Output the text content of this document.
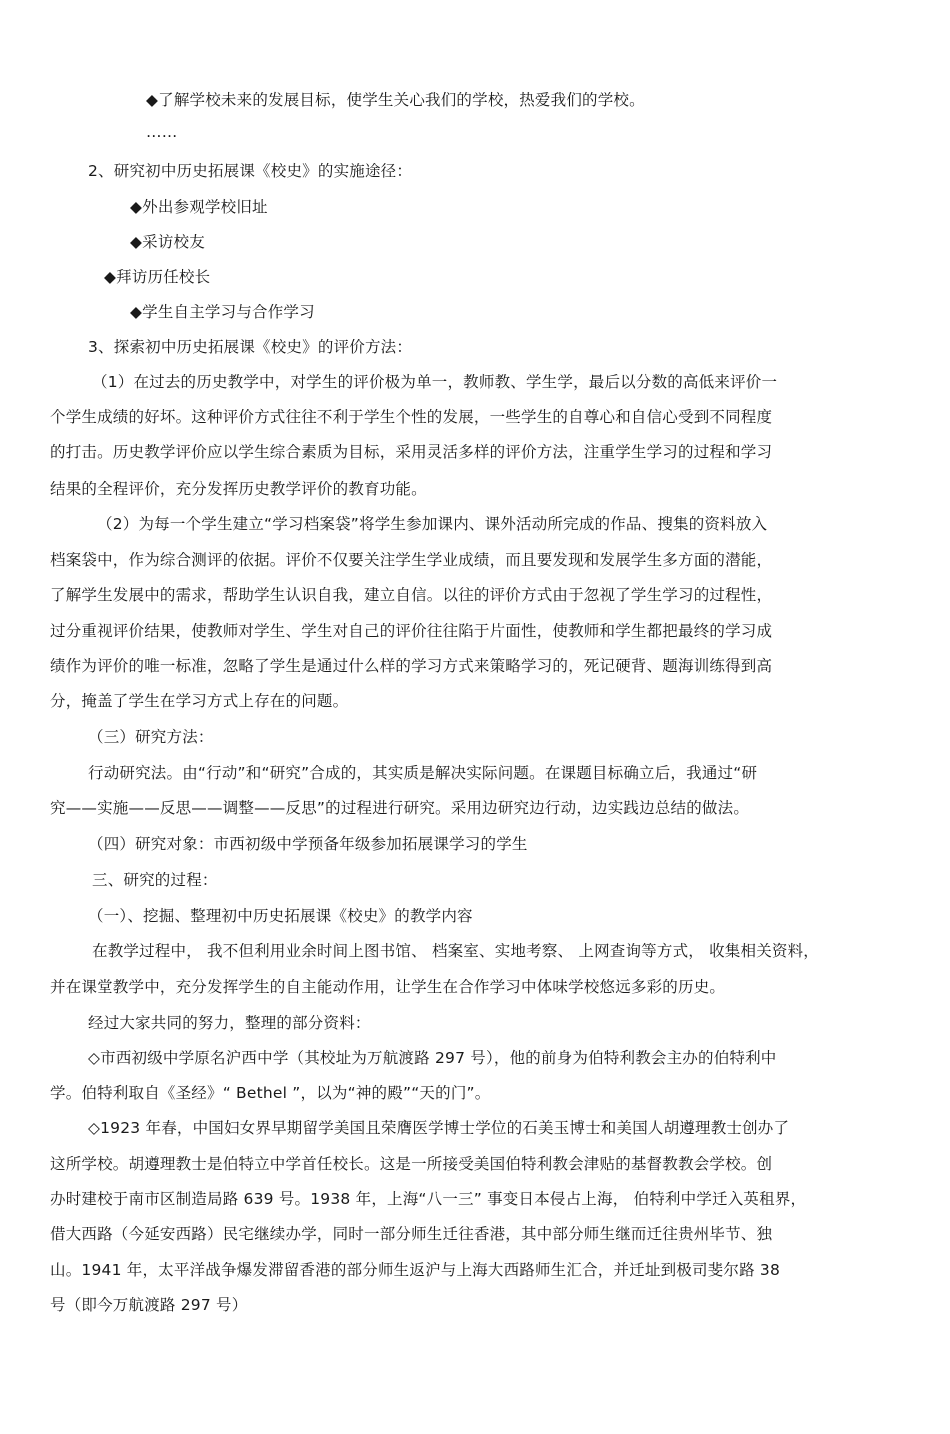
◆了解学校未来的发展目标，使学生关心我们的学校，热爱我们的学校。

……

2、研究初中历史拓展课《校史》的实施途径：

◆外出参观学校旧址

◆采访校友

◆拜访历任校长

◆学生自主学习与合作学习

3、探索初中历史拓展课《校史》的评价方法：

（1）在过去的历史教学中，对学生的评价极为单一，教师教、学生学，最后以分数的高低来评价一

个学生成绩的好坏。这种评价方式往往不利于学生个性的发展，一些学生的自尊心和自信心受到不同程度

的打击。历史教学评价应以学生综合素质为目标，采用灵活多样的评价方法，注重学生学习的过程和学习

结果的全程评价，充分发挥历史教学评价的教育功能。

（2）为每一个学生建立“学习档案袋”将学生参加课内、课外活动所完成的作品、搜集的资料放入

档案袋中，作为综合测评的依据。评价不仅要关注学生学业成绩，而且要发现和发展学生多方面的潜能，

了解学生发展中的需求，帮助学生认识自我，建立自信。以往的评价方式由于忽视了学生学习的过程性，

过分重视评价结果，使教师对学生、学生对自己的评价往往陷于片面性，使教师和学生都把最终的学习成

绩作为评价的唯一标准，忽略了学生是通过什么样的学习方式来策略学习的，死记硬背、题海训练得到高

分，掩盖了学生在学习方式上存在的问题。

（三）研究方法：

行动研究法。由“行动”和“研究”合成的，其实质是解决实际问题。在课题目标确立后，我通过“研

究——实施——反思——调整——反思”的过程进行研究。采用边研究边行动，边实践边总结的做法。

（四）研究对象：市西初级中学预备年级参加拓展课学习的学生

三、研究的过程：

（一）、挖掘、整理初中历史拓展课《校史》的教学内容

在教学过程中， 我不但利用业余时间上图书馆、 档案室、实地考察、 上网查询等方式， 收集相关资料，

并在课堂教学中，充分发挥学生的自主能动作用，让学生在合作学习中体味学校悠远多彩的历史。

经过大家共同的努力，整理的部分资料：

◇市西初级中学原名沪西中学（其校址为万航渡路 297 号），他的前身为伯特利教会主办的伯特利中

学。伯特利取自《圣经》“ Bethel ”，以为“神的殿”“天的门”。

◇1923 年春，中国妇女界早期留学美国且荣膺医学博士学位的石美玉博士和美国人胡遵理教士创办了

这所学校。胡遵理教士是伯特立中学首任校长。这是一所接受美国伯特利教会津贴的基督教教会学校。创

办时建校于南市区制造局路 639 号。1938 年，上海“八一三” 事变日本侵占上海， 伯特利中学迁入英租界，

借大西路（今延安西路）民宅继续办学，同时一部分师生迁往香港，其中部分师生继而迁往贵州毕节、独

山。1941 年，太平洋战争爆发滞留香港的部分师生返沪与上海大西路师生汇合，并迁址到极司斐尔路 38

号（即今万航渡路 297 号）
